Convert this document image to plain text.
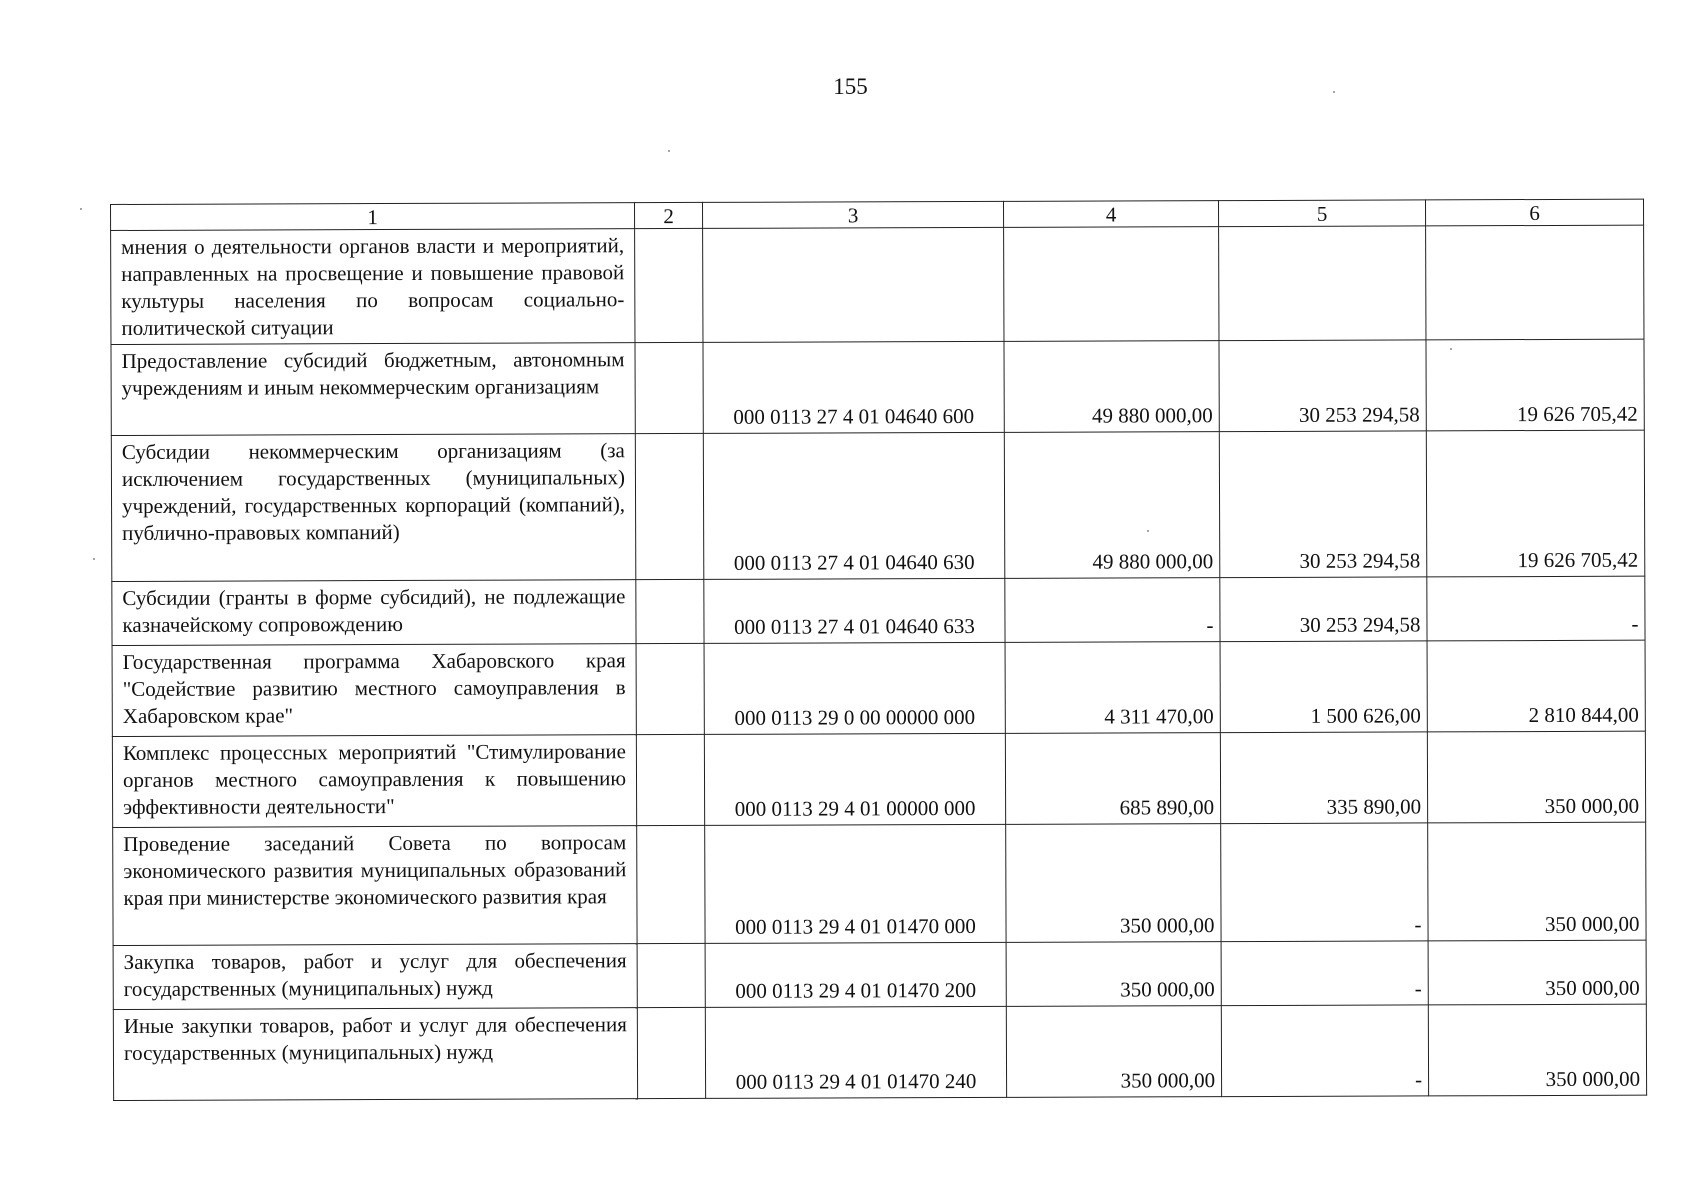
155
1	2	3	4	5	6
мнения о деятельности органов власти и мероприятий, направленных на просвещение и повышение правовой культуры населения по вопросам социально-политической ситуации					
Предоставление субсидий бюджетным, автономным учреждениям и иным некоммерческим организациям		000 0113 27 4 01 04640 600	49 880 000,00	30 253 294,58	19 626 705,42
Субсидии некоммерческим организациям (за исключением государственных (муниципальных) учреждений, государственных корпораций (компаний), публично-правовых компаний)		000 0113 27 4 01 04640 630	49 880 000,00	30 253 294,58	19 626 705,42
Субсидии (гранты в форме субсидий), не подлежащие казначейскому сопровождению		000 0113 27 4 01 04640 633	-	30 253 294,58	-
Государственная программа Хабаровского края "Содействие развитию местного самоуправления в Хабаровском крае"		000 0113 29 0 00 00000 000	4 311 470,00	1 500 626,00	2 810 844,00
Комплекс процессных мероприятий "Стимулирование органов местного самоуправления к повышению эффективности деятельности"		000 0113 29 4 01 00000 000	685 890,00	335 890,00	350 000,00
Проведение заседаний Совета по вопросам экономического развития муниципальных образований края при министерстве экономического развития края		000 0113 29 4 01 01470 000	350 000,00	-	350 000,00
Закупка товаров, работ и услуг для обеспечения государственных (муниципальных) нужд		000 0113 29 4 01 01470 200	350 000,00	-	350 000,00
Иные закупки товаров, работ и услуг для обеспечения государственных (муниципальных) нужд		000 0113 29 4 01 01470 240	350 000,00	-	350 000,00
